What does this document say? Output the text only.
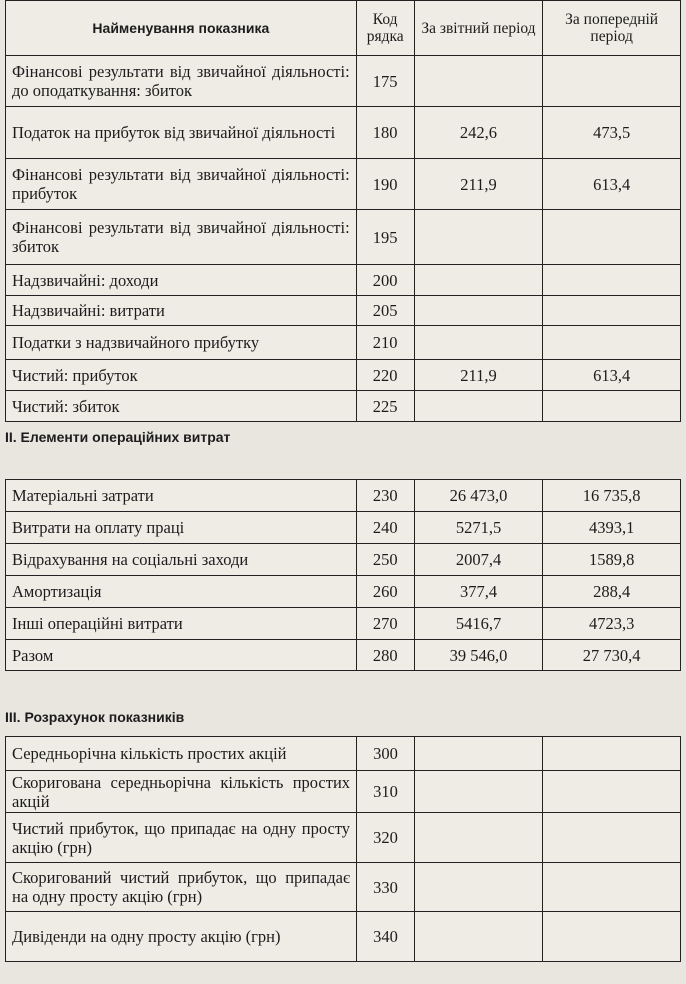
Найменування показника	Код рядка	За звітний період	За попередній період
Фінансові результати від звичайної діяльності: до оподаткування: збиток	175		
Податок на прибуток від звичайної діяльності	180	242,6	473,5
Фінансові результати від звичайної діяльності: прибуток	190	211,9	613,4
Фінансові результати від звичайної діяльності: збиток	195		
Надзвичайні: доходи	200		
Надзвичайні: витрати	205		
Податки з надзвичайного прибутку	210		
Чистий: прибуток	220	211,9	613,4
Чистий: збиток	225		
II. Елементи операційних витрат
Матеріальні затрати	230	26 473,0	16 735,8
Витрати на оплату праці	240	5271,5	4393,1
Відрахування на соціальні заходи	250	2007,4	1589,8
Амортизація	260	377,4	288,4
Інші операційні витрати	270	5416,7	4723,3
Разом	280	39 546,0	27 730,4
III. Розрахунок показників
Середньорічна кількість простих акцій	300		
Скоригована середньорічна кількість простих акцій	310		
Чистий прибуток, що припадає на одну просту акцію (грн)	320		
Скоригований чистий прибуток, що припадає на одну просту акцію (грн)	330		
Дивіденди на одну просту акцію (грн)	340		
